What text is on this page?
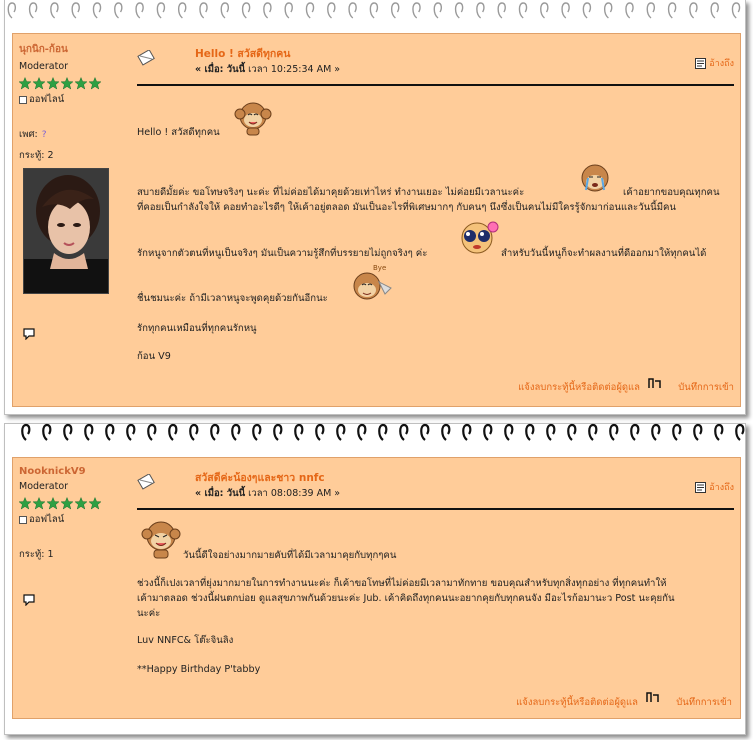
นุกนิก-ก้อน
Moderator
ออฟไลน์
เพศ: ?
กระทู้: 2
Hello ! สวัสดีทุกคน
« เมื่อ: วันนี้ เวลา 10:25:34 AM »	อ้างถึง

Hello ! สวัสดีทุกคน

สบายดีมั้ยค่ะ ขอโทษจริงๆ นะค่ะ ที่ไม่ค่อยได้มาคุยด้วยเท่าไหร่ ทำงานเยอะ ไม่ค่อยมีเวลานะค่ะ	เค้าอยากขอบคุณทุกคน

ที่คอยเป็นกำลังใจให้ คอยทำอะไรดีๆ ให้เค้าอยู่ตลอด มันเป็นอะไรที่พิเศษมากๆ กับคนๆ นึงซึ่งเป็นคนไม่มีใครรู้จักมาก่อนและวันนี้มีคน

รักหนูจากตัวตนที่หนูเป็นจริงๆ มันเป็นความรู้สึกที่บรรยายไม่ถูกจริงๆ ค่ะ	สำหรับวันนี้หนูก็จะทำผลงานที่ดีออกมาให้ทุกคนได้

ชื่นชมนะค่ะ ถ้ามีเวลาหนูจะพูดคุยด้วยกันอีกนะ

รักทุกคนเหมือนที่ทุกคนรักหนู

ก้อน V9

Bye
แจ้งลบกระทู้นี้หรือติดต่อผู้ดูแล	บันทึกการเข้า
NooknickV9
Moderator
ออฟไลน์
กระทู้: 1
สวัสดีค่ะน้องๆและชาว nnfc
« เมื่อ: วันนี้ เวลา 08:08:39 AM »	อ้างถึง

วันนี้ดีใจอย่างมากมายคับที่ได้มีเวลามาคุยกับทุกๆคน

ช่วงนี้ก็เปงเวลาที่ยุ่งมากมายในการทำงานนะค่ะ ก็เค้าขอโทษที่ไม่ค่อยมีเวลามาทักทาย ขอบคุณสำหรับทุกสิ่งทุกอย่าง ที่ทุกคนทำให้

เค้ามาตลอด ช่วงนี้ฝนตกบ่อย ดูแลสุขภาพกันด้วยนะค่ะ Jub. เค้าคิดถึงทุกคนนะอยากคุยกับทุกคนจัง มีอะไรก้อมานะว Post นะคุยกัน

นะค่ะ

Luv NNFC& โต๊ะจินลิง

**Happy Birthday P'tabby

แจ้งลบกระทู้นี้หรือติดต่อผู้ดูแล	บันทึกการเข้า
